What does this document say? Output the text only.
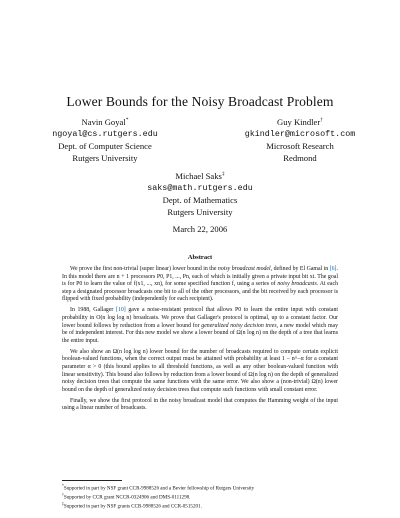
Lower Bounds for the Noisy Broadcast Problem
Navin Goyal*
ngoyal@cs.rutgers.edu
Dept. of Computer Science
Rutgers University
Guy Kindler†
gkindler@microsoft.com
Microsoft Research
Redmond
Michael Saks‡
saks@math.rutgers.edu
Dept. of Mathematics
Rutgers University
March 22, 2006
Abstract

We prove the first non-trivial (super linear) lower bound in the noisy broadcast model, defined by El Gamal in [6]. In this model there are n + 1 processors P0, P1, ..., Pn, each of which is initially given a private input bit xi. The goal is for P0 to learn the value of f(x1, ..., xn), for some specified function f, using a series of noisy broadcasts. At each step a designated processor broadcasts one bit to all of the other processors, and the bit received by each processor is flipped with fixed probability (independently for each recipient).

In 1988, Gallager [10] gave a noise-resistant protocol that allows P0 to learn the entire input with constant probability in O(n log log n) broadcasts. We prove that Gallager's protocol is optimal, up to a constant factor. Our lower bound follows by reduction from a lower bound for generalized noisy decision trees, a new model which may be of independent interest. For this new model we show a lower bound of Ω(n log n) on the depth of a tree that learns the entire input.

We also show an Ω(n log log n) lower bound for the number of broadcasts required to compute certain explicit boolean-valued functions, when the correct output must be attained with probability at least 1 − n^−α for a constant parameter α > 0 (this bound applies to all threshold functions, as well as any other boolean-valued function with linear sensitivity). This bound also follows by reduction from a lower bound of Ω(n log n) on the depth of generalized noisy decision trees that compute the same functions with the same error. We also show a (non-trivial) Ω(n) lower bound on the depth of generalized noisy decision trees that compute such functions with small constant error.

Finally, we show the first protocol in the noisy broadcast model that computes the Hamming weight of the input using a linear number of broadcasts.

*Supported in part by NSF grant CCR-9988526 and a Bevier fellowship of Rutgers University
†Supported by CCR grant NCCR-0324906 and DMS-0111298.
‡Supported in part by NSF grants CCR-9988526 and CCR-0515201.
